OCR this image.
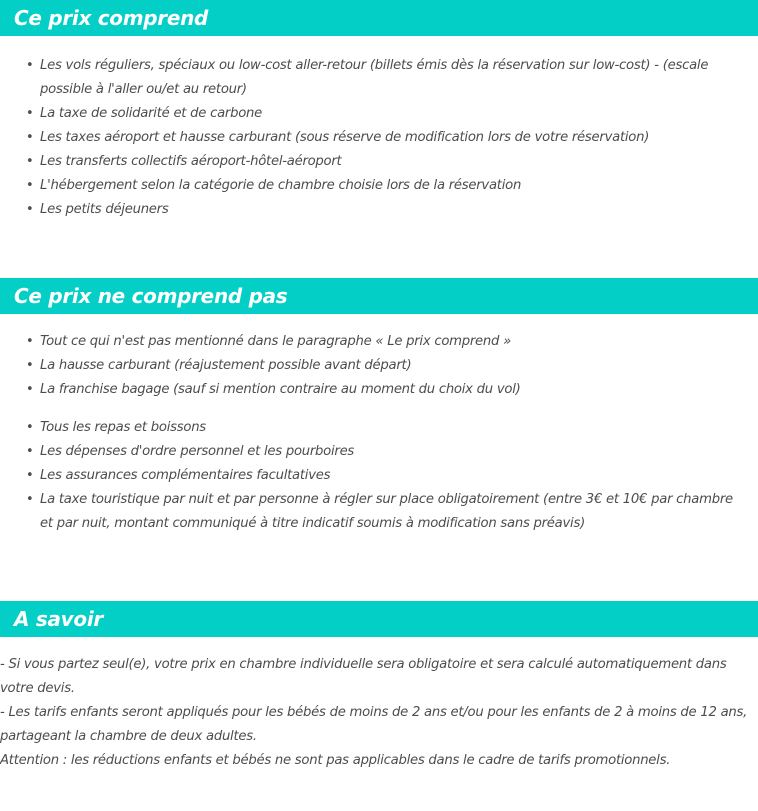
Ce prix comprend
• Les vols réguliers, spéciaux ou low-cost aller-retour (billets émis dès la réservation sur low-cost) - (escale possible à l'aller ou/et au retour)
• La taxe de solidarité et de carbone
• Les taxes aéroport et hausse carburant (sous réserve de modification lors de votre réservation)
• Les transferts collectifs aéroport-hôtel-aéroport
• L'hébergement selon la catégorie de chambre choisie lors de la réservation
• Les petits déjeuners
Ce prix ne comprend pas
• Tout ce qui n'est pas mentionné dans le paragraphe « Le prix comprend »
• La hausse carburant (réajustement possible avant départ)
• La franchise bagage (sauf si mention contraire au moment du choix du vol)
• Tous les repas et boissons
• Les dépenses d'ordre personnel et les pourboires
• Les assurances complémentaires facultatives
• La taxe touristique par nuit et par personne à régler sur place obligatoirement (entre 3€ et 10€ par chambre et par nuit, montant communiqué à titre indicatif soumis à modification sans préavis)
A savoir

- Si vous partez seul(e), votre prix en chambre individuelle sera obligatoire et sera calculé automatiquement dans votre devis.

- Les tarifs enfants seront appliqués pour les bébés de moins de 2 ans et/ou pour les enfants de 2 à moins de 12 ans, partageant la chambre de deux adultes.

Attention : les réductions enfants et bébés ne sont pas applicables dans le cadre de tarifs promotionnels.
